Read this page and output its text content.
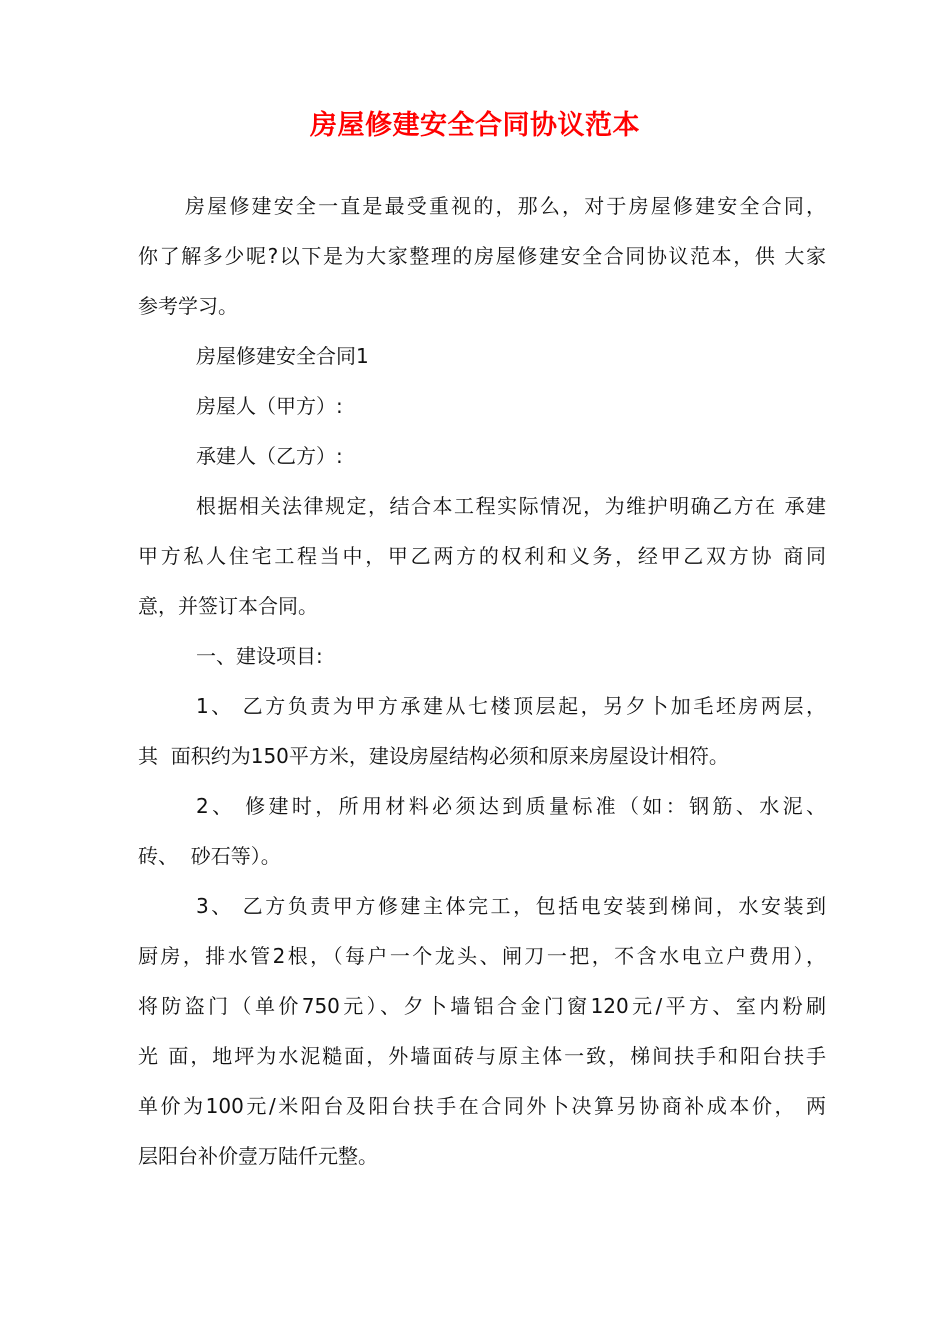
房屋修建安全合同协议范本
房屋修建安全一直是最受重视的，那么，对于房屋修建安全合同，
你了解多少呢?以下是为大家整理的房屋修建安全合同协议范本，供 大家
参考学习。
房屋修建安全合同1
房屋人（甲方）:
承建人（乙方）:
根据相关法律规定，结合本工程实际情况，为维护明确乙方在 承建
甲方私人住宅工程当中，甲乙两方的权利和义务，经甲乙双方协 商同
意，并签订本合同。
一、建设项目:
1、 乙方负责为甲方承建从七楼顶层起，另夕卜加毛坯房两层，
其  面积约为150平方米，建设房屋结构必须和原来房屋设计相符。
2、 修建时，所用材料必须达到质量标准（如：钢筋、水泥、
砖、  砂石等）。
3、 乙方负责甲方修建主体完工，包括电安装到梯间，水安装到
厨房，排水管2根，（每户一个龙头、闸刀一把，不含水电立户费用），
将防盗门（单价750元）、夕卜墙铝合金门窗120元/平方、室内粉刷
光 面，地坪为水泥糙面，外墙面砖与原主体一致，梯间扶手和阳台扶手
单价为100元/米阳台及阳台扶手在合同外卜决算另协商补成本价， 两
层阳台补价壹万陆仟元整。
